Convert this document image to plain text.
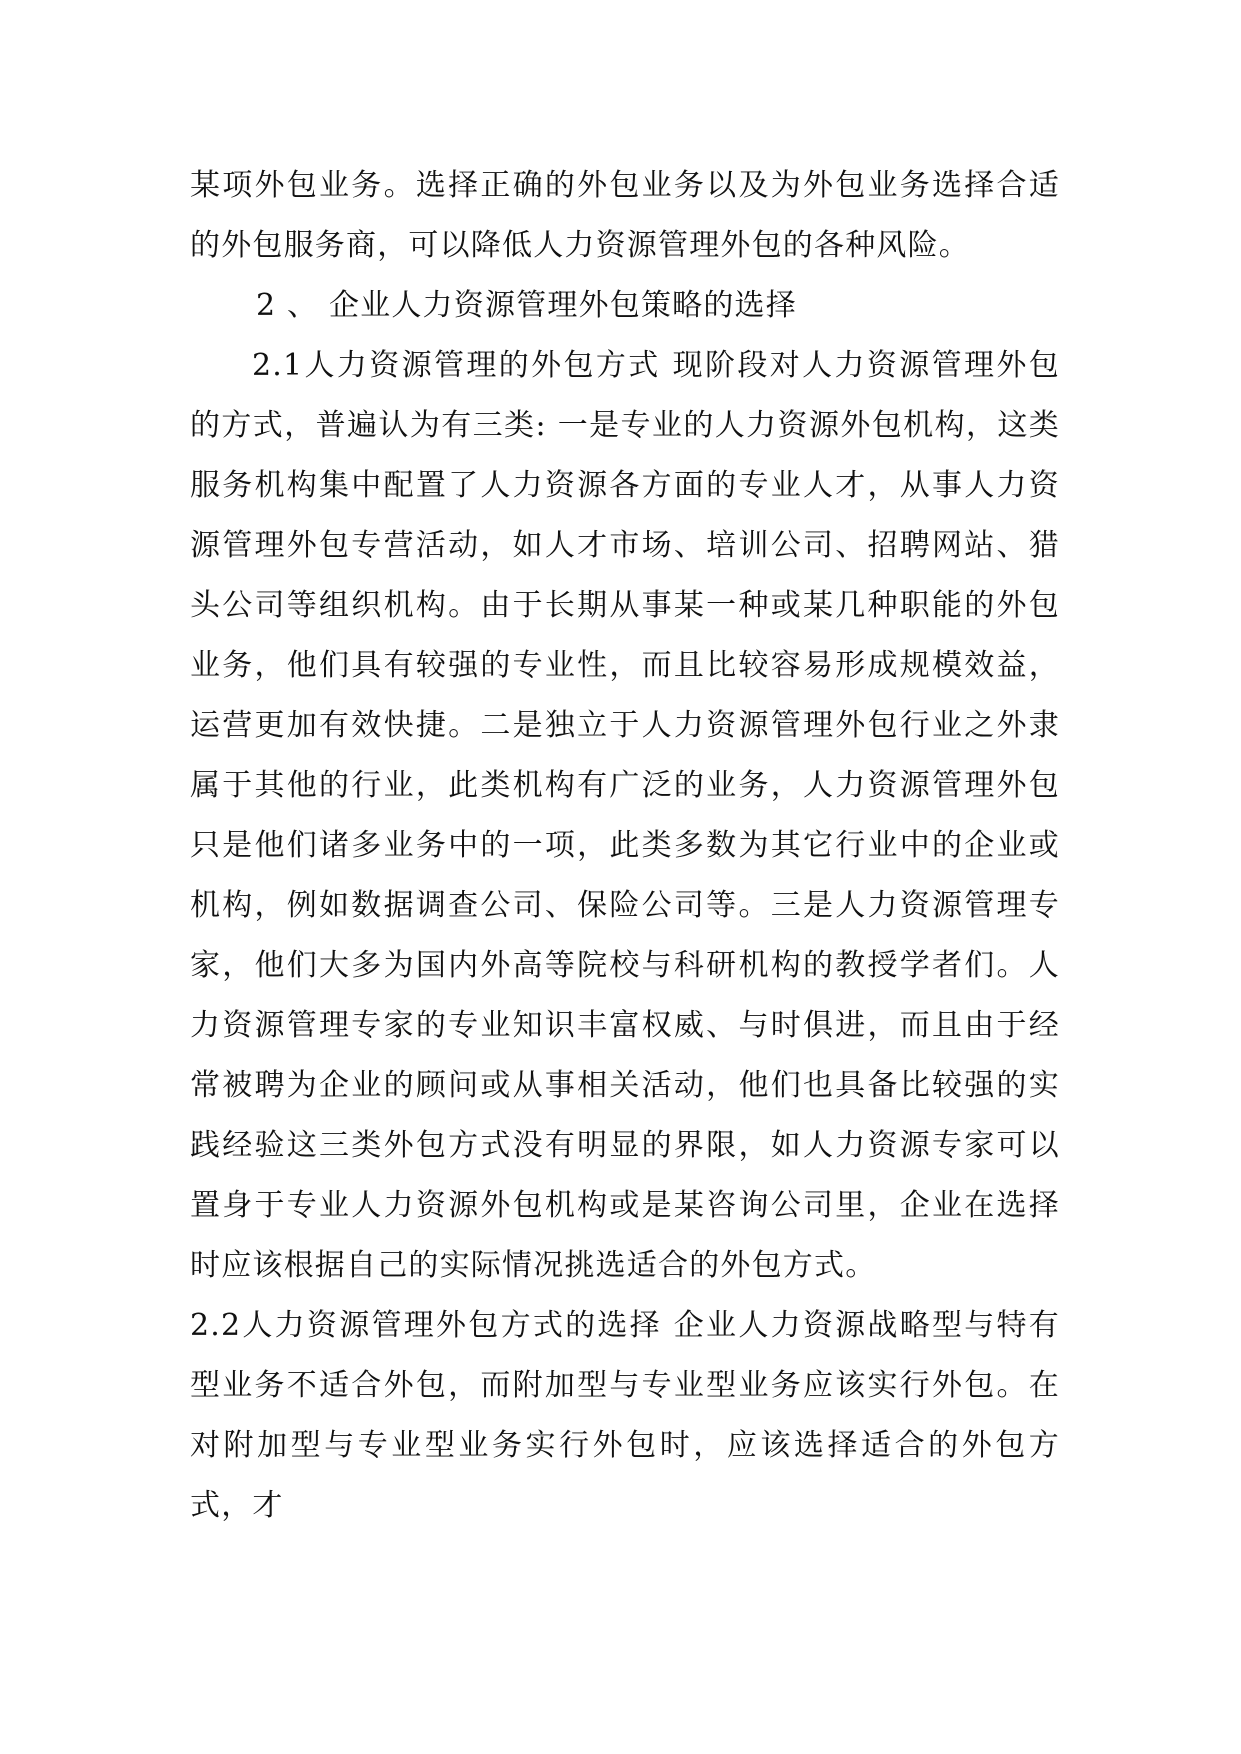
某项外包业务。选择正确的外包业务以及为外包业务选择合适的外包服务商，可以降低人力资源管理外包的各种风险。

2 、 企业人力资源管理外包策略的选择

2.1人力资源管理的外包方式 现阶段对人力资源管理外包的方式，普遍认为有三类: 一是专业的人力资源外包机构，这类服务机构集中配置了人力资源各方面的专业人才，从事人力资源管理外包专营活动，如人才市场、培训公司、招聘网站、猎头公司等组织机构。由于长期从事某一种或某几种职能的外包业务，他们具有较强的专业性，而且比较容易形成规模效益，运营更加有效快捷。二是独立于人力资源管理外包行业之外隶属于其他的行业，此类机构有广泛的业务，人力资源管理外包只是他们诸多业务中的一项，此类多数为其它行业中的企业或机构，例如数据调查公司、保险公司等。三是人力资源管理专家，他们大多为国内外高等院校与科研机构的教授学者们。人力资源管理专家的专业知识丰富权威、与时俱进，而且由于经常被聘为企业的顾问或从事相关活动，他们也具备比较强的实践经验这三类外包方式没有明显的界限，如人力资源专家可以置身于专业人力资源外包机构或是某咨询公司里，企业在选择时应该根据自己的实际情况挑选适合的外包方式。

2.2人力资源管理外包方式的选择 企业人力资源战略型与特有型业务不适合外包，而附加型与专业型业务应该实行外包。在对附加型与专业型业务实行外包时，应该选择适合的外包方式，才
